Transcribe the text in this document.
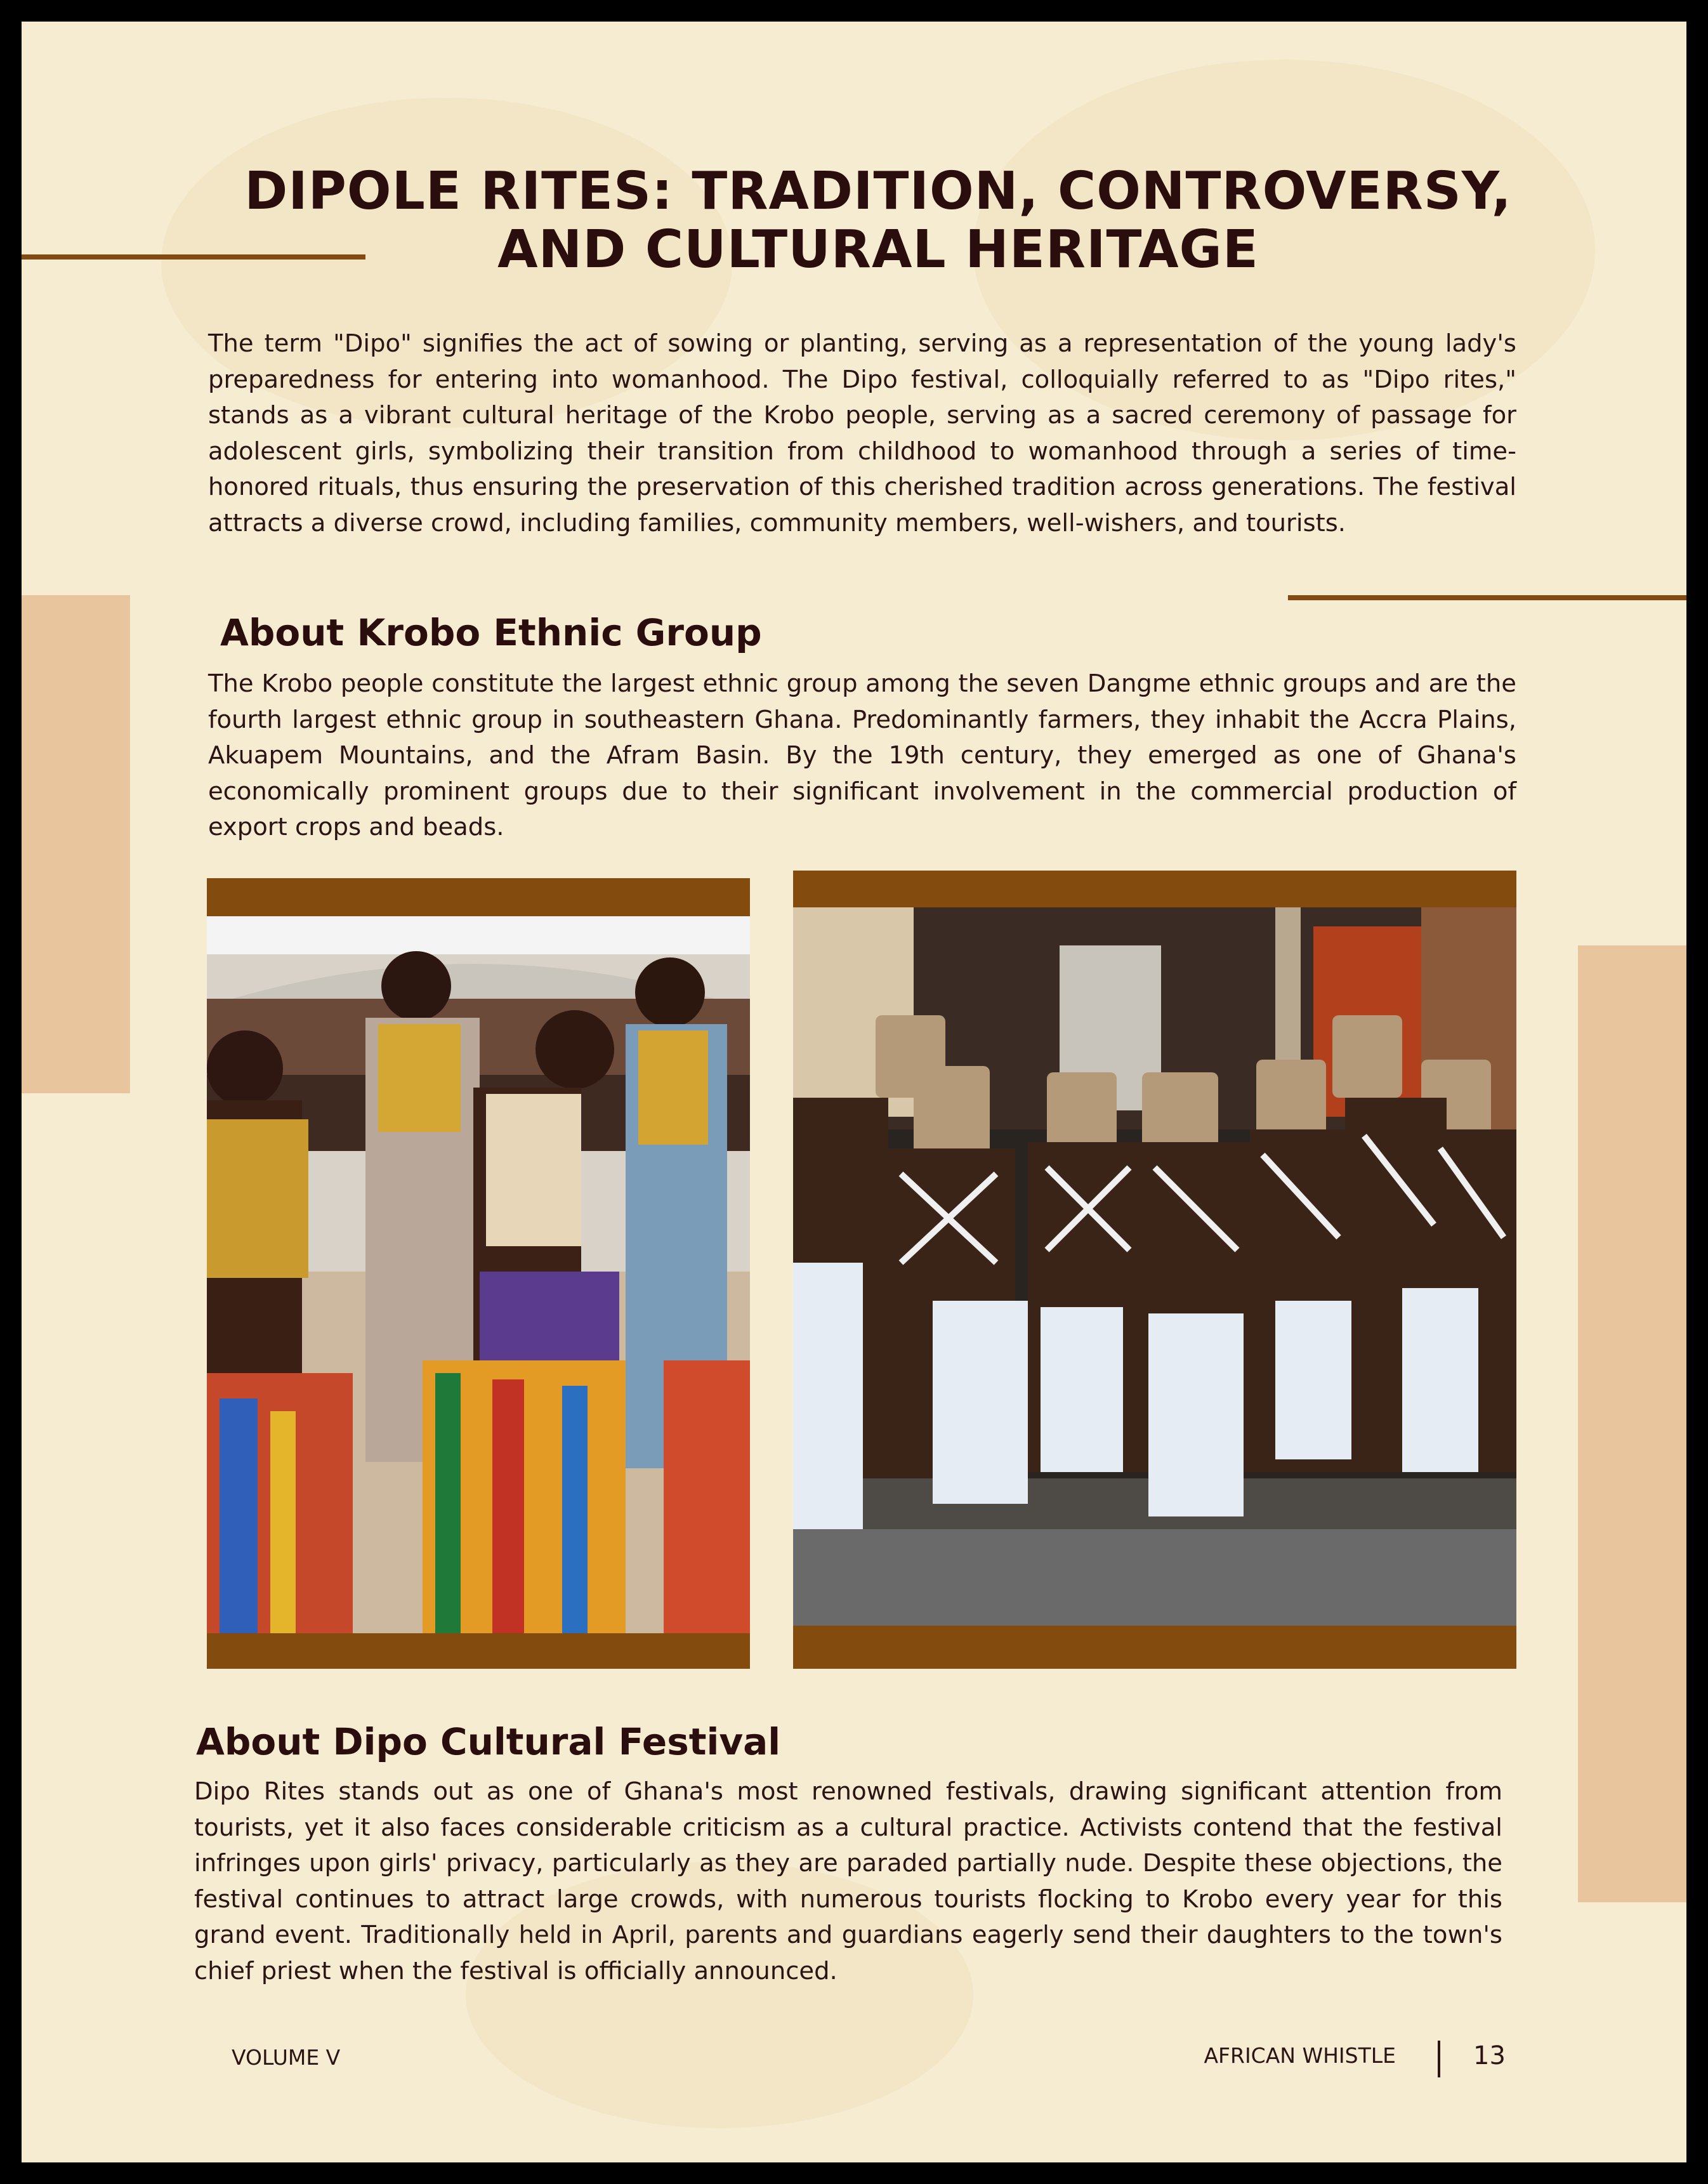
DIPOLE RITES: TRADITION, CONTROVERSY,
AND CULTURAL HERITAGE

The term "Dipo" signifies the act of sowing or planting, serving as a representation of the young lady's preparedness for entering into womanhood. The Dipo festival, colloquially referred to as "Dipo rites," stands as a vibrant cultural heritage of the Krobo people, serving as a sacred ceremony of passage for adolescent girls, symbolizing their transition from childhood to womanhood through a series of time-honored rituals, thus ensuring the preservation of this cherished tradition across generations. The festival attracts a diverse crowd, including families, community members, well-wishers, and tourists.

About Krobo Ethnic Group

The Krobo people constitute the largest ethnic group among the seven Dangme ethnic groups and are the fourth largest ethnic group in southeastern Ghana. Predominantly farmers, they inhabit the Accra Plains, Akuapem Mountains, and the Afram Basin. By the 19th century, they emerged as one of Ghana's economically prominent groups due to their significant involvement in the commercial production of export crops and beads.

About Dipo Cultural Festival

Dipo Rites stands out as one of Ghana's most renowned festivals, drawing significant attention from tourists, yet it also faces considerable criticism as a cultural practice. Activists contend that the festival infringes upon girls' privacy, particularly as they are paraded partially nude. Despite these objections, the festival continues to attract large crowds, with numerous tourists flocking to Krobo every year for this grand event. Traditionally held in April, parents and guardians eagerly send their daughters to the town's chief priest when the festival is officially announced.

VOLUME V	AFRICAN WHISTLE	13
